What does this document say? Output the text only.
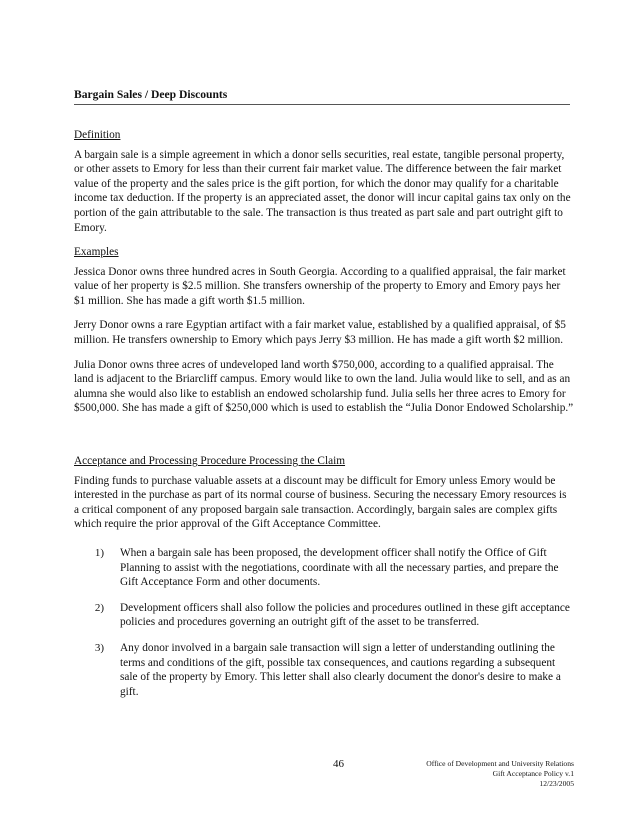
Bargain Sales / Deep Discounts
Definition

A bargain sale is a simple agreement in which a donor sells securities, real estate, tangible personal property, or other assets to Emory for less than their current fair market value. The difference between the fair market value of the property and the sales price is the gift portion, for which the donor may qualify for a charitable income tax deduction. If the property is an appreciated asset, the donor will incur capital gains tax only on the portion of the gain attributable to the sale. The transaction is thus treated as part sale and part outright gift to Emory.

Examples

Jessica Donor owns three hundred acres in South Georgia. According to a qualified appraisal, the fair market value of her property is $2.5 million. She transfers ownership of the property to Emory and Emory pays her $1 million. She has made a gift worth $1.5 million.

Jerry Donor owns a rare Egyptian artifact with a fair market value, established by a qualified appraisal, of $5 million. He transfers ownership to Emory which pays Jerry $3 million. He has made a gift worth $2 million.

Julia Donor owns three acres of undeveloped land worth $750,000, according to a qualified appraisal. The land is adjacent to the Briarcliff campus. Emory would like to own the land. Julia would like to sell, and as an alumna she would also like to establish an endowed scholarship fund. Julia sells her three acres to Emory for $500,000. She has made a gift of $250,000 which is used to establish the “Julia Donor Endowed Scholarship.”

Acceptance and Processing Procedure Processing the Claim

Finding funds to purchase valuable assets at a discount may be difficult for Emory unless Emory would be interested in the purchase as part of its normal course of business. Securing the necessary Emory resources is a critical component of any proposed bargain sale transaction. Accordingly, bargain sales are complex gifts which require the prior approval of the Gift Acceptance Committee.

1) When a bargain sale has been proposed, the development officer shall notify the Office of Gift Planning to assist with the negotiations, coordinate with all the necessary parties, and prepare the Gift Acceptance Form and other documents.
2) Development officers shall also follow the policies and procedures outlined in these gift acceptance policies and procedures governing an outright gift of the asset to be transferred.
3) Any donor involved in a bargain sale transaction will sign a letter of understanding outlining the terms and conditions of the gift, possible tax consequences, and cautions regarding a subsequent sale of the property by Emory. This letter shall also clearly document the donor's desire to make a gift.
46	Office of Development and University Relations
Gift Acceptance Policy v.1
12/23/2005
